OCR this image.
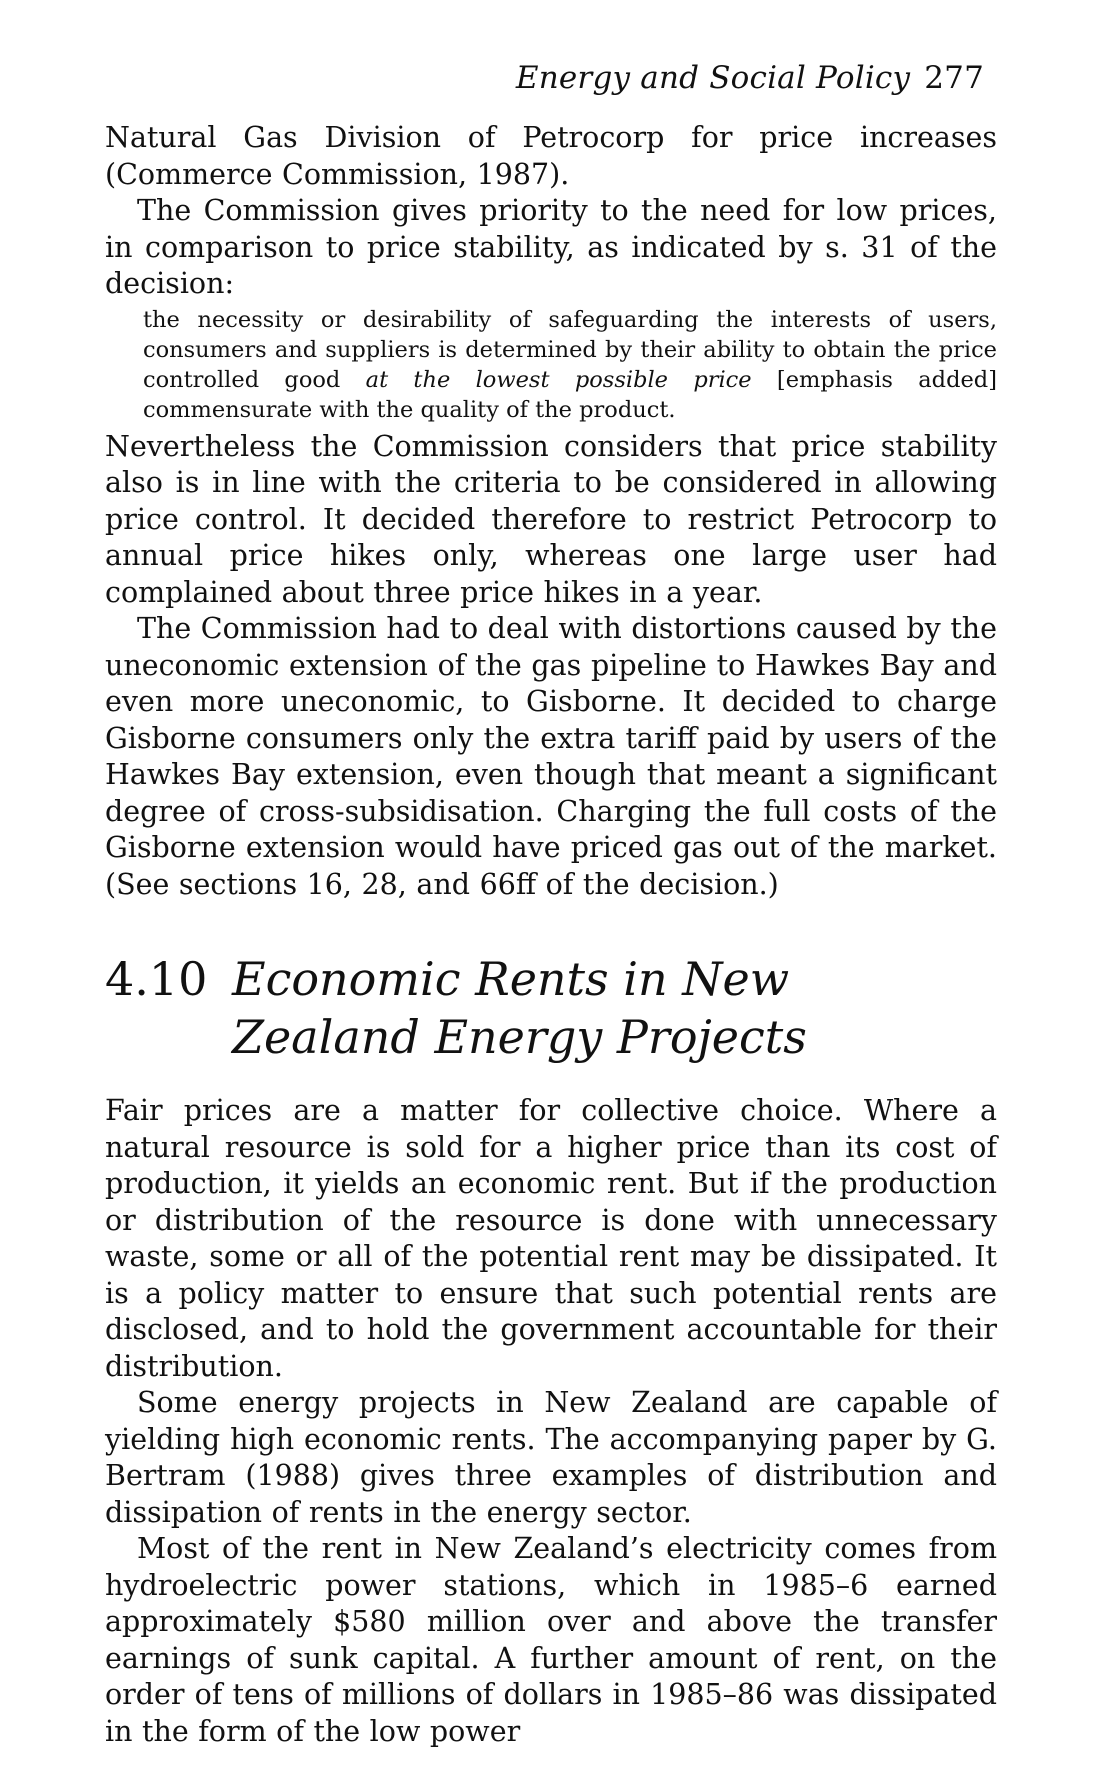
Energy and Social Policy 277

Natural Gas Division of Petrocorp for price increases (Commerce Commission, 1987).

The Commission gives priority to the need for low prices, in comparison to price stability, as indicated by s. 31 of the decision:

the necessity or desirability of safeguarding the interests of users, consumers and suppliers is determined by their ability to obtain the price controlled good at the lowest possible price [emphasis added] commensurate with the quality of the product.

Nevertheless the Commission considers that price stability also is in line with the criteria to be considered in allowing price control. It decided therefore to restrict Petrocorp to annual price hikes only, whereas one large user had complained about three price hikes in a year.

The Commission had to deal with distortions caused by the uneconomic extension of the gas pipeline to Hawkes Bay and even more uneconomic, to Gisborne. It decided to charge Gisborne consumers only the extra tariff paid by users of the Hawkes Bay extension, even though that meant a significant degree of cross-subsidisation. Charging the full costs of the Gisborne extension would have priced gas out of the market. (See sections 16, 28, and 66ff of the decision.)

4.10 Economic Rents in New Zealand Energy Projects

Fair prices are a matter for collective choice. Where a natural resource is sold for a higher price than its cost of production, it yields an economic rent. But if the production or distribution of the resource is done with unnecessary waste, some or all of the potential rent may be dissipated. It is a policy matter to ensure that such potential rents are disclosed, and to hold the government accountable for their distribution.

Some energy projects in New Zealand are capable of yielding high economic rents. The accompanying paper by G. Bertram (1988) gives three examples of distribution and dissipation of rents in the energy sector.

Most of the rent in New Zealand’s electricity comes from hydroelectric power stations, which in 1985–6 earned approximately $580 million over and above the transfer earnings of sunk capital. A further amount of rent, on the order of tens of millions of dollars in 1985–86 was dissipated in the form of the low power
